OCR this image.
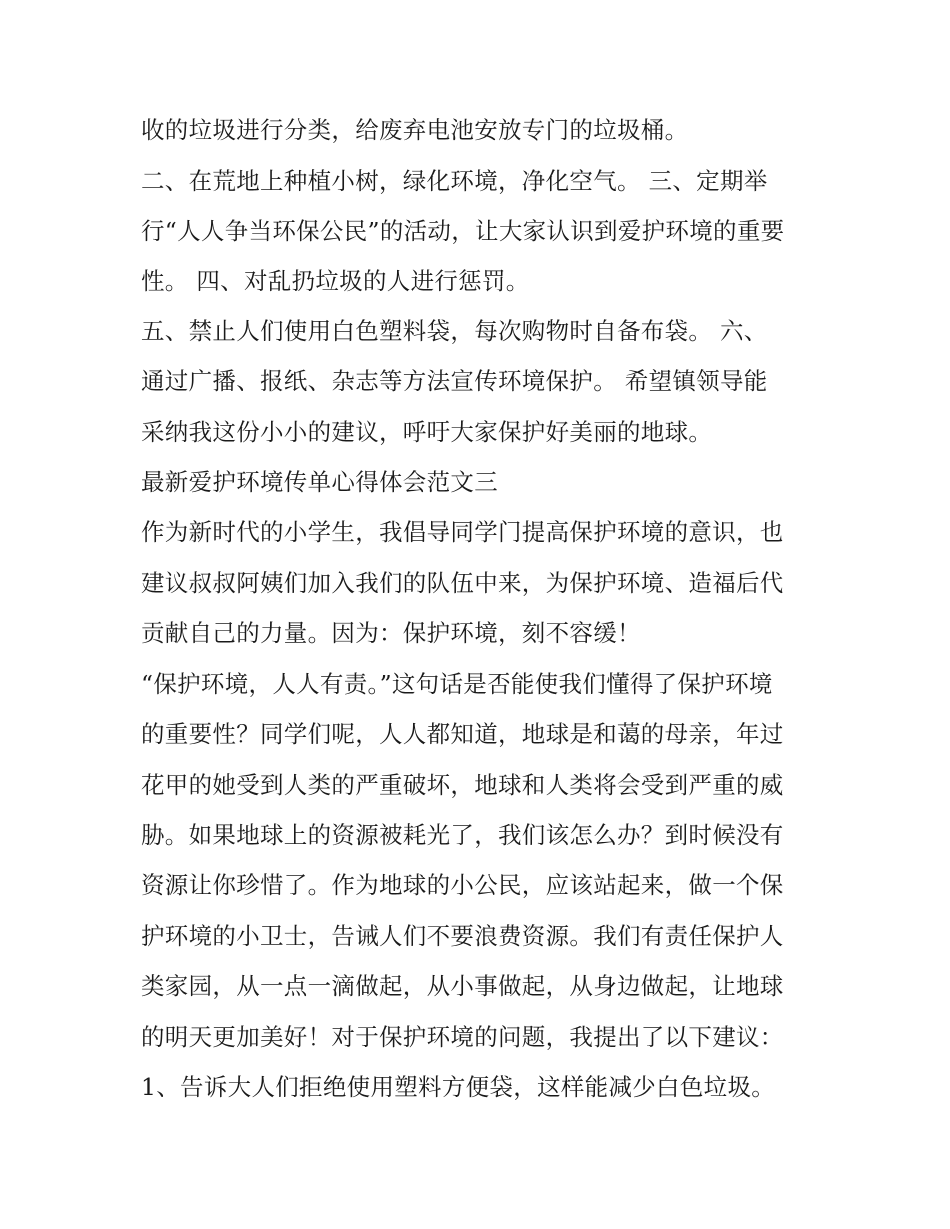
收的垃圾进行分类，给废弃电池安放专门的垃圾桶。
二、在荒地上种植小树，绿化环境，净化空气。 三、定期举
行“人人争当环保公民”的活动，让大家认识到爱护环境的重要
性。 四、对乱扔垃圾的人进行惩罚。
五、禁止人们使用白色塑料袋，每次购物时自备布袋。 六、
通过广播、报纸、杂志等方法宣传环境保护。 希望镇领导能
采纳我这份小小的建议，呼吁大家保护好美丽的地球。
最新爱护环境传单心得体会范文三
作为新时代的小学生，我倡导同学门提高保护环境的意识，也
建议叔叔阿姨们加入我们的队伍中来，为保护环境、造福后代
贡献自己的力量。因为：保护环境，刻不容缓！
“保护环境，人人有责。”这句话是否能使我们懂得了保护环境
的重要性？同学们呢，人人都知道，地球是和蔼的母亲，年过
花甲的她受到人类的严重破坏，地球和人类将会受到严重的威
胁。如果地球上的资源被耗光了，我们该怎么办？到时候没有
资源让你珍惜了。作为地球的小公民，应该站起来，做一个保
护环境的小卫士，告诫人们不要浪费资源。我们有责任保护人
类家园，从一点一滴做起，从小事做起，从身边做起，让地球
的明天更加美好！对于保护环境的问题，我提出了以下建议：
1、告诉大人们拒绝使用塑料方便袋，这样能减少白色垃圾。
